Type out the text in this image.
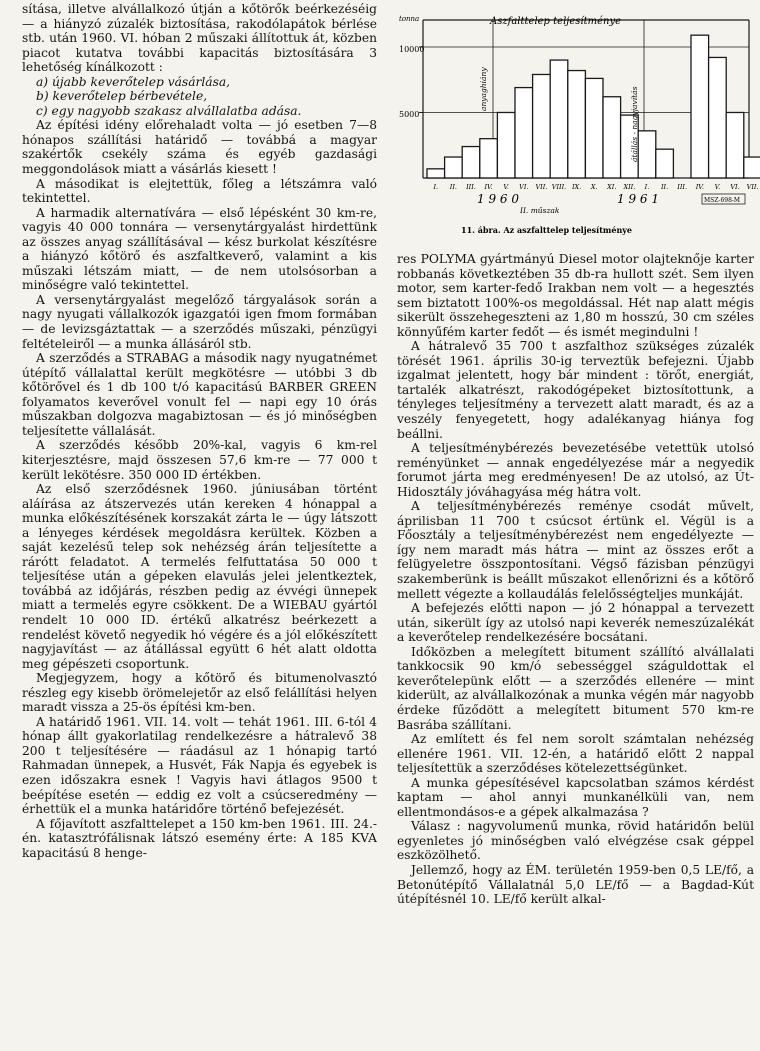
sítása, illetve alvállalkozó útján a kőtörők beérkezéséig — a hiányzó zúzalék biztosítása, rakodólapátok bérlése stb. után 1960. VI. hóban 2 műszaki állítottuk át, közben piacot kutatva további kapacitás biztosítására 3 lehetőség kínálkozott :

a) újabb keverőtelep vásárlása,

b) keverőtelep bérbevétele,

c) egy nagyobb szakasz alvállalatba adása.

Az építési idény előrehaladt volta — jó esetben 7—8 hónapos szállítási határidő — továbbá a magyar szakértők csekély száma és egyéb gazdasági meggondolások miatt a vásárlás kiesett !

A másodikat is elejtettük, főleg a létszámra való tekintettel.

A harmadik alternatívára — első lépésként 30 km-re, vagyis 40 000 tonnára — versenytárgyalást hirdettünk az összes anyag szállításával — kész burkolat készítésre a hiányzó kőtörő és aszfaltkeverő, valamint a kis műszaki létszám miatt, — de nem utolsósorban a minőségre való tekintettel.

A versenytárgyalást megelőző tárgyalások során a nagy nyugati vállalkozók igazgatói igen fmom formában — de levizsgáztattak — a szerződés műszaki, pénzügyi feltételeiről — a munka állásáról stb.

A szerződés a STRABAG a második nagy nyugatnémet útépítő vállalattal került megkötésre — utóbbi 3 db kőtörővel és 1 db 100 t/ó kapacitású BARBER GREEN folyamatos keverővel vonult fel — napi egy 10 órás műszakban dolgozva magabiztosan — és jó minőségben teljesítette vállalását.

A szerződés később 20%-kal, vagyis 6 km-rel kiterjesztésre, majd összesen 57,6 km-re — 77 000 t került lekötésre. 350 000 ID értékben.

Az első szerződésnek 1960. júniusában történt aláírása az átszervezés után kereken 4 hónappal a munka előkészítésének korszakát zárta le — úgy látszott a lényeges kérdések megoldásra kerültek. Közben a saját kezelésű telep sok nehézség árán teljesítette a rárótt feladatot. A termelés felfuttatása 50 000 t teljesítése után a gépeken elavulás jelei jelentkeztek, továbbá az időjárás, részben pedig az évvégi ünnepek miatt a termelés egyre csökkent. De a WIEBAU gyártól rendelt 10 000 ID. értékű alkatrész beérkezett a rendelést követő negyedik hó végére és a jól előkészített nagyjavítást — az átállással együtt 6 hét alatt oldotta meg gépészeti csoportunk.

Megjegyzem, hogy a kőtörő és bitumenolvasztó részleg egy kisebb örömelejetőr az első felállítási helyen maradt vissza a 25-ös építési km-ben.

A határidő 1961. VII. 14. volt — tehát 1961. III. 6-tól 4 hónap állt gyakorlatilag rendelkezésre a hátralevő 38 200 t teljesítésére — ráadásul az 1 hónapig tartó Rahmadan ünnepek, a Husvét, Fák Napja és egyebek is ezen időszakra esnek ! Vagyis havi átlagos 9500 t beépítése esetén — eddig ez volt a csúcseredmény — érhettük el a munka határidőre történő befejezését.

A főjavított aszfalttelepet a 150 km-ben 1961. III. 24.-én. katasztrófálisnak látszó esemény érte: A 185 KVA kapacitású 8 henge-

tonna
5000
10000
Aszfalttelep teljesítménye
anyaghiány	átállás - nagyjavítás
I. II. III. IV. V. VI. VII. VIII. IX. X. XI. XII. I. II. III. IV. V. VI. VII.
II. műszak
1 9 6 0	1 9 6 1	MSZ-698-M
11. ábra. Az aszfalttelep teljesítménye

res POLYMA gyártmányú Diesel motor olajteknője karter robbanás következtében 35 db-ra hullott szét. Sem ilyen motor, sem karter-fedő Irakban nem volt — a hegesztés sem biztatott 100%-os megoldással. Hét nap alatt mégis sikerült összehegeszteni az 1,80 m hosszú, 30 cm széles könnyűfém karter fedőt — és ismét megindulni !

A hátralevő 35 700 t aszfalthoz szükséges zúzalék törését 1961. április 30-ig terveztük befejezni. Újabb izgalmat jelentett, hogy bár mindent : törőt, energiát, tartalék alkatrészt, rakodógépeket biztosítottunk, a tényleges teljesítmény a tervezett alatt maradt, és az a veszély fenyegetett, hogy adalékanyag hiánya fog beállni.

A teljesítménybérezés bevezetésébe vetettük utolsó reményünket — annak engedélyezése már a negyedik forumot járta meg eredményesen! De az utolsó, az Út-Hidosztály jóváhagyása még hátra volt.

A teljesítménybérezés reménye csodát művelt, áprilisban 11 700 t csúcsot értünk el. Végül is a Főosztály a teljesítménybérezést nem engedélyezte — így nem maradt más hátra — mint az összes erőt a felügyeletre összpontosítani. Végső fázisban pénzügyi szakemberünk is beállt műszakot ellenőrizni és a kőtörő mellett végezte a kollaudálás felelősségteljes munkáját.

A befejezés előtti napon — jó 2 hónappal a tervezett után, sikerült így az utolsó napi keverék nemeszúzalékát a keverőtelep rendelkezésére bocsátani.

Időközben a melegített bitument szállító alvállalati tankkocsik 90 km/ó sebességgel száguldottak el keverőtelepünk előtt — a szerződés ellenére — mint kiderült, az alvállalkozónak a munka végén már nagyobb érdeke fűződött a melegített bitument 570 km-re Basrába szállítani.

Az említett és fel nem sorolt számtalan nehézség ellenére 1961. VII. 12-én, a határidő előtt 2 nappal teljesítettük a szerződéses kötelezettségünket.

A munka gépesítésével kapcsolatban számos kérdést kaptam — ahol annyi munkanélküli van, nem ellentmondásos-e a gépek alkalmazása ?

Válasz : nagyvolumenű munka, rövid határidőn belül egyenletes jó minőségben való elvégzése csak géppel eszközölhető.

Jellemző, hogy az ÉM. területén 1959-ben 0,5 LE/fő, a Betonútépítő Vállalatnál 5,0 LE/fő — a Bagdad-Kút útépítésnél 10. LE/fő került alkal-
